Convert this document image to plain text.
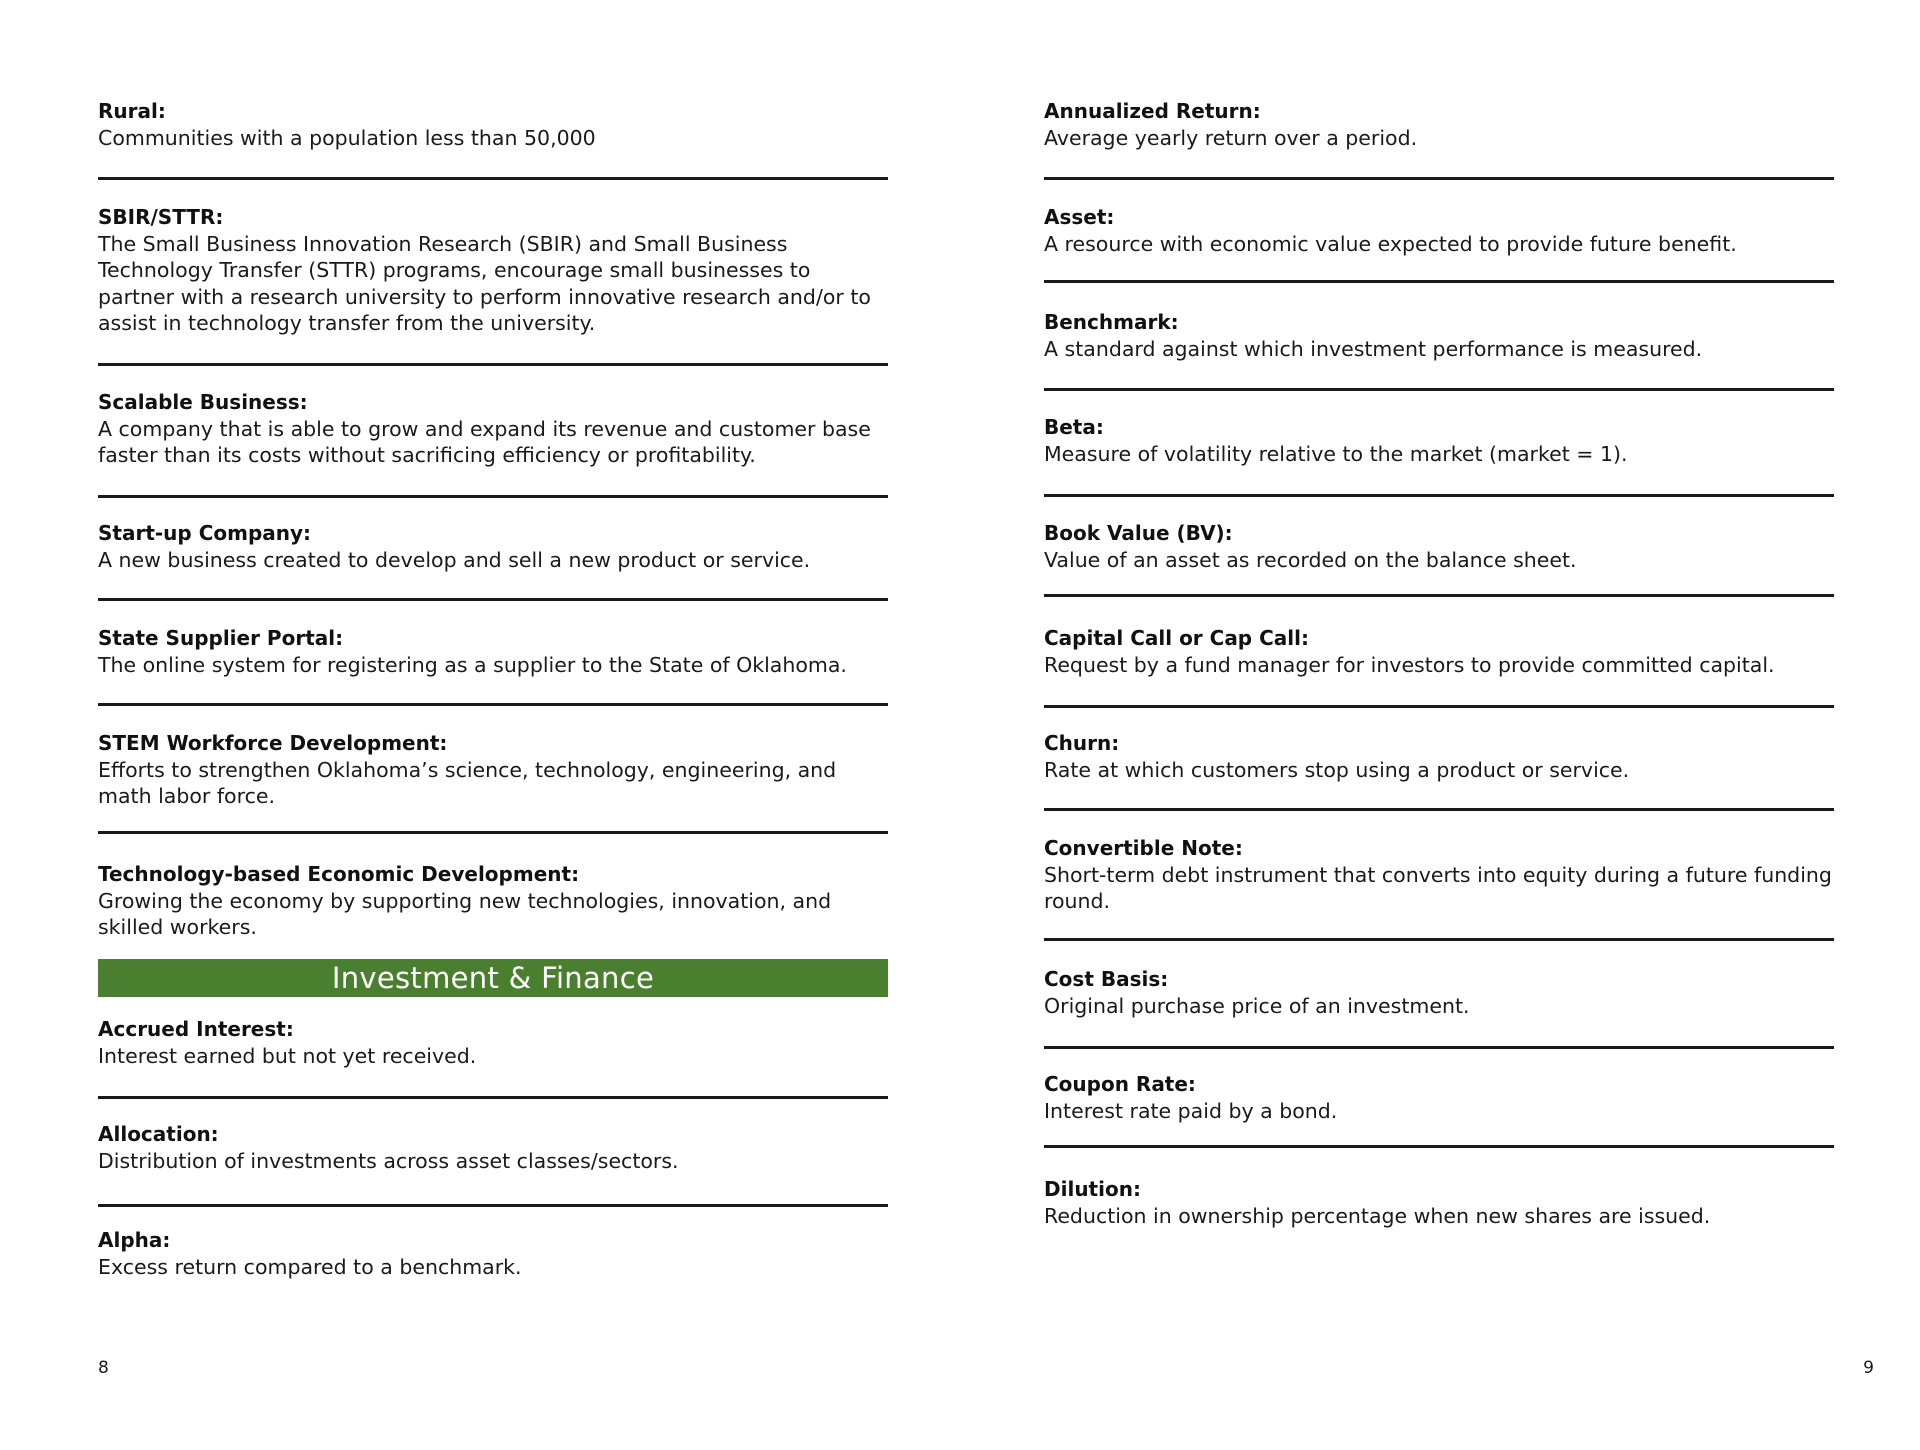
Rural:

Communities with a population less than 50,000

SBIR/STTR:

The Small Business Innovation Research (SBIR) and Small Business Technology Transfer (STTR) programs, encourage small businesses to partner with a research university to perform innovative research and/or to assist in technology transfer from the university.

Scalable Business:

A company that is able to grow and expand its revenue and customer base faster than its costs without sacrificing efficiency or profitability.

Start-up Company:

A new business created to develop and sell a new product or service.

State Supplier Portal:

The online system for registering as a supplier to the State of Oklahoma.

STEM Workforce Development:

Efforts to strengthen Oklahoma’s science, technology, engineering, and math labor force.

Technology-based Economic Development:

Growing the economy by supporting new technologies, innovation, and skilled workers.

Investment & Finance

Accrued Interest:

Interest earned but not yet received.

Allocation:

Distribution of investments across asset classes/sectors.

Alpha:

Excess return compared to a benchmark.

8

Annualized Return:

Average yearly return over a period.

Asset:

A resource with economic value expected to provide future benefit.

Benchmark:

A standard against which investment performance is measured.

Beta:

Measure of volatility relative to the market (market = 1).

Book Value (BV):

Value of an asset as recorded on the balance sheet.

Capital Call or Cap Call:

Request by a fund manager for investors to provide committed capital.

Churn:

Rate at which customers stop using a product or service.

Convertible Note:

Short-term debt instrument that converts into equity during a future funding round.

Cost Basis:

Original purchase price of an investment.

Coupon Rate:

Interest rate paid by a bond.

Dilution:

Reduction in ownership percentage when new shares are issued.

9
